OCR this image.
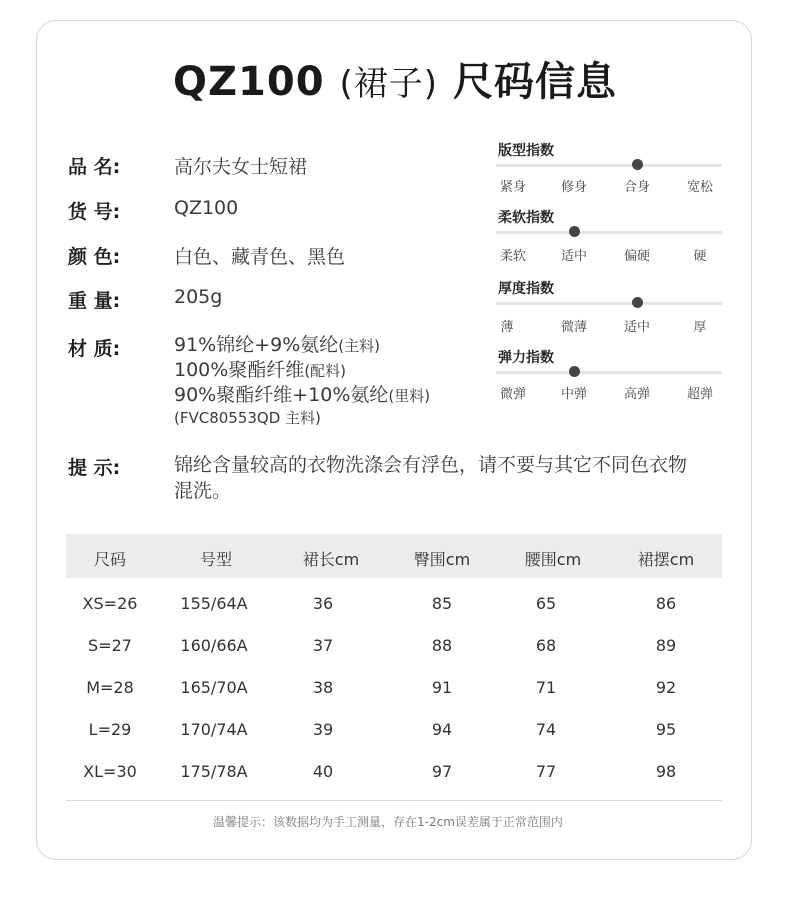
QZ100 (裙子) 尺码信息
品 名:	高尔夫女士短裙
货 号:	QZ100
颜 色:	白色、藏青色、黑色
重 量:	205g
材 质:	91%锦纶+9%氨纶(主料)
100%聚酯纤维(配料)
90%聚酯纤维+10%氨纶(里料)
(FVC80553QD 主料)
提 示:	锦纶含量较高的衣物洗涤会有浮色，请不要与其它不同色衣物
混洗。
版型指数
紧身	修身	合身	宽松
柔软指数
柔软	适中	偏硬	硬
厚度指数
薄	微薄	适中	厚
弹力指数
微弹	中弹	高弹	超弹
尺码	号型	裙长cm	臀围cm	腰围cm	裙摆cm
XS=26	155/64A	36	85	65	86
S=27	160/66A	37	88	68	89
M=28	165/70A	38	91	71	92
L=29	170/74A	39	94	74	95
XL=30	175/78A	40	97	77	98
温馨提示：该数据均为手工测量，存在1-2cm误差属于正常范围内
